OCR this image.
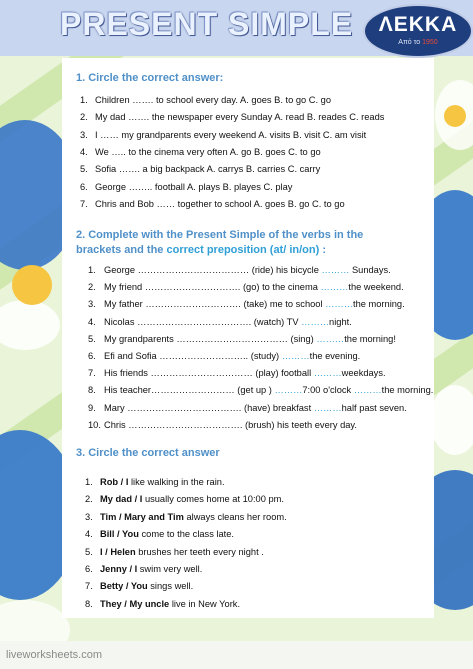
PRESENT SIMPLE	ΛΕΚΚΑ
Από το 1950
1. Circle the correct answer:
1. Children ……. to school every day. A. goes B. to go C. go
2. My dad ……. the newspaper every Sunday A. read B. reades C. reads
3. I …… my grandparents every weekend A. visits B. visit C. am visit
4. We ….. to the cinema very often A. go B. goes C. to go
5. Sofia ……. a big backpack A. carrys B. carries C. carry
6. George …….. football A. plays B. playes C. play
7. Chris and Bob …… together to school A. goes B. go C. to go
2. Complete with the Present Simple of the verbs in the
brackets and the correct preposition (at/ in/on) :
1. George ……………………………… (ride) his bicycle ……… Sundays.
2. My friend …………………………. (go) to the cinema ………the weekend.
3. My father …………………………. (take) me to school ………the morning.
4. Nicolas ………………………………. (watch) TV ………night.
5. My grandparents ……………………………… (sing) ………the morning!
6. Efi and Sofia ……………………….. (study) ………the evening.
7. His friends …………………………… (play) football ………weekdays.
8. His teacher……………………… (get up ) ………7:00 o'clock ………the morning.
9. Mary ………………………………. (have) breakfast ………half past seven.
10. Chris ………………………………. (brush) his teeth every day.
3. Circle the correct answer
1. Rob / I like walking in the rain.
2. My dad / I usually comes home at 10:00 pm.
3. Tim / Mary and Tim always cleans her room.
4. Bill / You come to the class late.
5. I / Helen brushes her teeth every night .
6. Jenny / I swim very well.
7. Betty / You sings well.
8. They / My uncle live in New York.
liveworksheets.com
